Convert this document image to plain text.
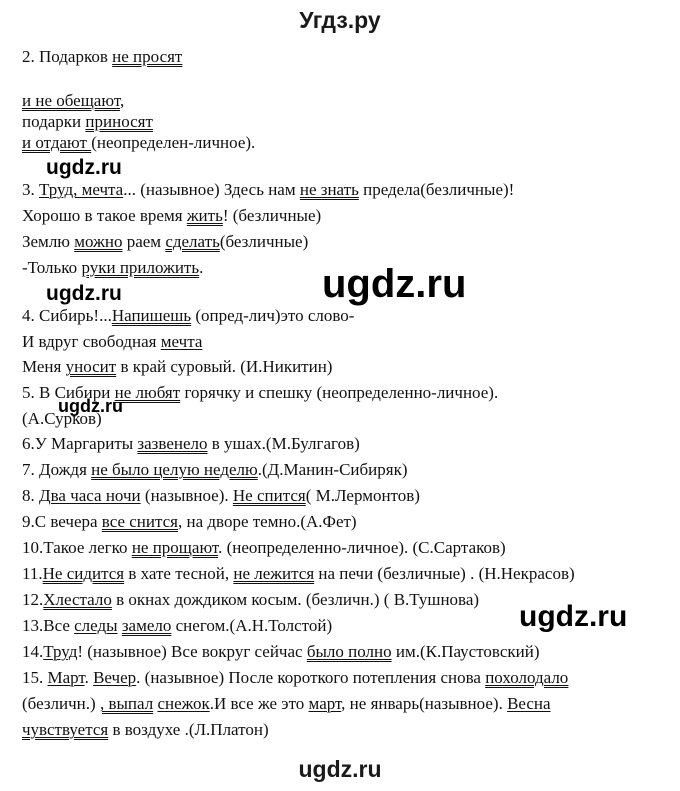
Угдз.ру
2. Подарков не просят
и не обещают,
подарки приносят
и отдают (неопределен-личное).
3. Труд, мечта... (назывное) Здесь нам не знать предела(безличные)!
Хорошо в такое время жить! (безличные)
Землю можно раем сделать(безличные)
-Только руки приложить.
4. Сибирь!...Напишешь (опред-лич)это слово-
И вдруг свободная мечта
Меня уносит в край суровый. (И.Никитин)
5. В Сибири не любят горячку и спешку (неопределенно-личное).
(А.Сурков)
6.У Маргариты зазвенело в ушах.(М.Булгагов)
7. Дождя не было целую неделю.(Д.Манин-Сибиряк)
8. Два часа ночи (назывное). Не спится( М.Лермонтов)
9.С вечера все снится, на дворе темно.(А.Фет)
10.Такое легко не прощают. (неопределенно-личное). (С.Сартаков)
11.Не сидится в хате тесной, не лежится на печи (безличные) . (Н.Некрасов)
12.Хлестало в окнах дождиком косым. (безличн.) ( В.Тушнова)
13.Все следы замело снегом.(А.Н.Толстой)
14.Труд! (назывное) Все вокруг сейчас было полно им.(К.Паустовский)
15. Март. Вечер. (назывное) После короткого потепления снова похолодало
(безличн.) , выпал снежок.И все же это март, не январь(назывное). Весна
чувствуется в воздухе .(Л.Платон)
ugdz.ru
ugdz.ru
ugdz.ru
ugdz.ru
ugdz.ru
ugdz.ru
